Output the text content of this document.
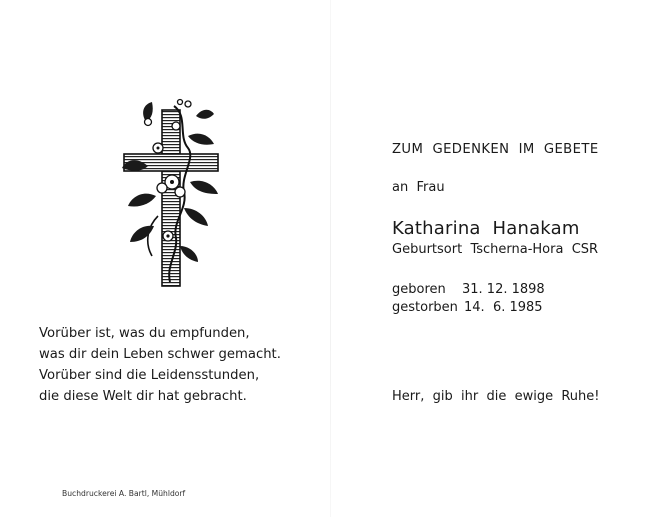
Vorüber ist, was du empfunden,
was dir dein Leben schwer gemacht.
Vorüber sind die Leidensstunden,
die diese Welt dir hat gebracht.
Buchdruckerei A. Bartl, Mühldorf
ZUM  GEDENKEN  IM  GEBETE
an  Frau
Katharina  Hanakam
Geburtsort  Tscherna-Hora  CSR
geboren 31. 12. 1898
gestorben 14.  6. 1985
Herr,  gib  ihr  die  ewige  Ruhe!
